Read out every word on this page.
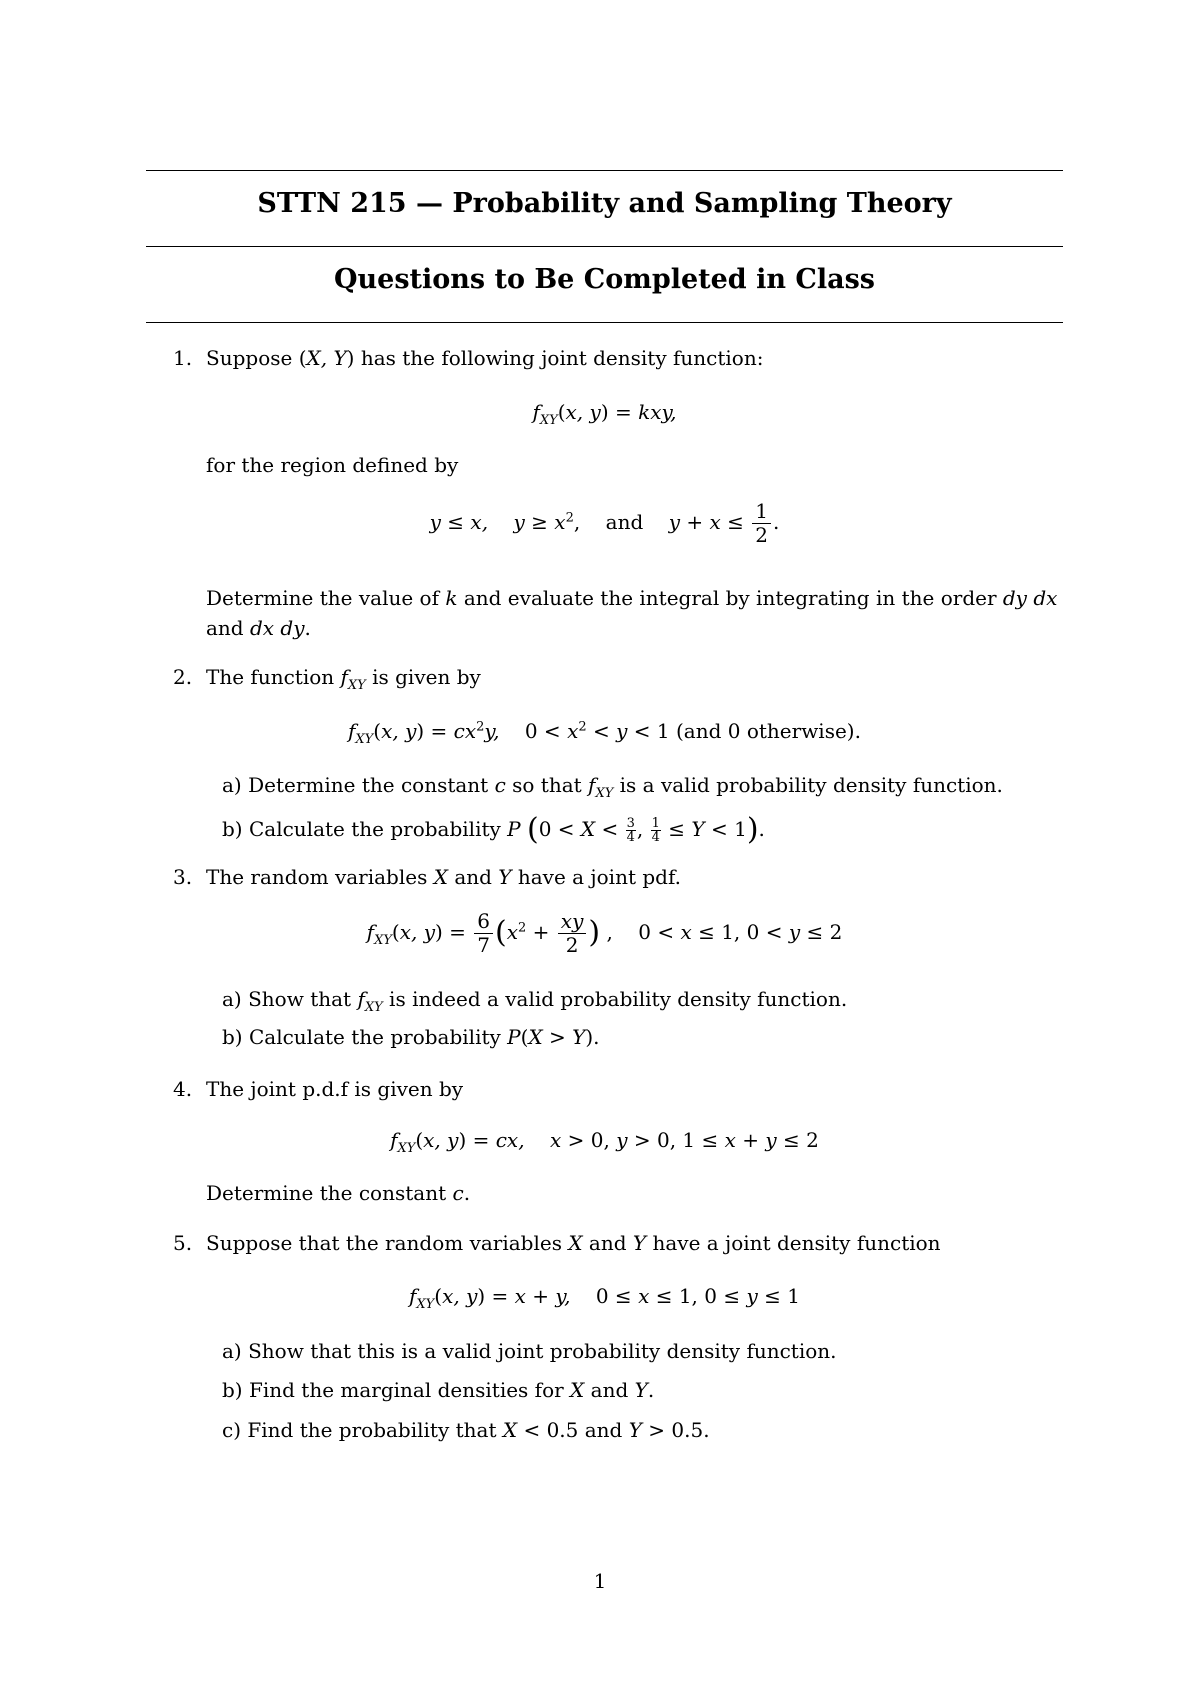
STTN 215 — Probability and Sampling Theory
Questions to Be Completed in Class
1. Suppose (X, Y) has the following joint density function:
$f_{XY}(x$, y) = kxy,
for the region defined by
y ≤ x, $y \ge x^2$,    and $y + x \le \frac{1}{2}$ .
Determine the value of k and evaluate the integral by integrating in the order dy dx
and dx dy.
2. The function $f_{XY}$ is given by
$f_{XY}(x$, $y) = cx^2y$,    $0 < x^2 < y < 1$ (and 0 otherwise).
a) Determine the constant c so that $f_{XY}$ is a valid probability density function.
b) Calculate the probability P ($0 < X < \frac{3}{4}$ , $\frac{1}{4} \le Y < 1$).
3. The random variables X and Y have a joint pdf.
$f_{XY}(x$, $y) = \frac{6}{7} (x^2 + \frac{xy}{2}$ ) ,    0 < x ≤ 1, 0 < y ≤ 2
a) Show that $f_{XY}$ is indeed a valid probability density function.
b) Calculate the probability P(X > Y).
4. The joint p.d.f is given by
$f_{XY}(x$, y) = cx, x > 0, y > 0, 1 ≤ x + y ≤ 2
Determine the constant c.
5. Suppose that the random variables X and Y have a joint density function
$f_{XY}(x$, y) = x + y,    0 ≤ x ≤ 1, 0 ≤ y ≤ 1
a) Show that this is a valid joint probability density function.
b) Find the marginal densities for X and Y.
c) Find the probability that X < 0.5 and Y > 0.5.
1
